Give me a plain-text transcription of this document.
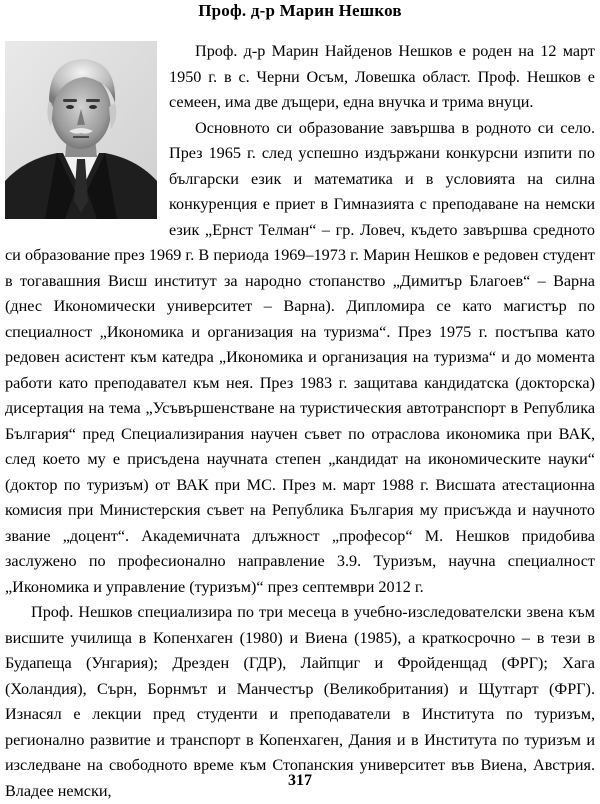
Проф. д-р Марин Нешков

Проф. д-р Марин Найденов Нешков е роден на 12 март 1950 г. в с. Черни Осъм, Ловешка област. Проф. Нешков е семеен, има две дъщери, една внучка и трима внуци.

Основното си образование завършва в родното си село. През 1965 г. след успешно издържани конкурсни изпити по български език и математика и в условията на силна конкуренция е приет в Гимназията с преподаване на немски език „Ернст Телман“ – гр. Ловеч, където завършва средното си образование през 1969 г. В периода 1969–1973 г. Марин Нешков е редовен студент в тогавашния Висш институт за народно стопанство „Димитър Благоев“ – Варна (днес Икономически университет – Варна). Дипломира се като магистър по специалност „Икономика и организация на туризма“. През 1975 г. постъпва като редовен асистент към катедра „Икономика и организация на туризма“ и до момента работи като преподавател към нея. През 1983 г. защитава кандидатска (докторска) дисертация на тема „Усъвършенстване на туристическия автотранспорт в Република България“ пред Специализирания научен съвет по отраслова икономика при ВАК, след което му е присъдена научната степен „кандидат на икономическите науки“ (доктор по туризъм) от ВАК при МС. През м. март 1988 г. Висшата атестационна комисия при Министерския съвет на Република България му присъжда и научното звание „доцент“. Академичната длъжност „професор“ М. Нешков придобива заслужено по професионално направление 3.9. Туризъм, научна специалност „Икономика и управление (туризъм)“ през септември 2012 г.

Проф. Нешков специализира по три месеца в учебно-изследователски звена към висшите училища в Копенхаген (1980) и Виена (1985), а краткосрочно – в тези в Будапеща (Унгария); Дрезден (ГДР), Лайпциг и Фройденщад (ФРГ); Хага (Холандия), Сърн, Борнмът и Манчестър (Великобритания) и Щутгарт (ФРГ). Изнасял е лекции пред студенти и преподаватели в Института по туризъм, регионално развитие и транспорт в Копенхаген, Дания и в Института по туризъм и изследване на свободното време към Стопанския университет във Виена, Австрия. Владее немски,

317
